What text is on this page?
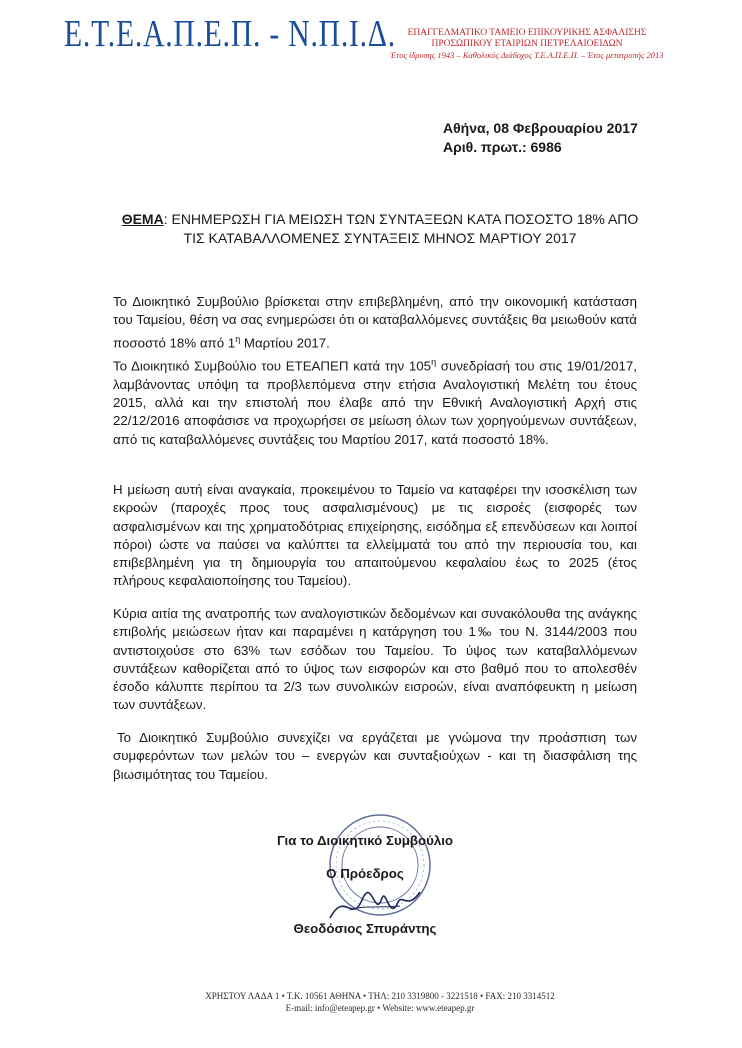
Ε.Τ.Ε.Α.Π.Ε.Π. - Ν.Π.Ι.Δ.	ΕΠΑΓΓΕΛΜΑΤΙΚΟ ΤΑΜΕΙΟ ΕΠΙΚΟΥΡΙΚΗΣ ΑΣΦΑΛΙΣΗΣ
ΠΡΟΣΩΠΙΚΟΥ ΕΤΑΙΡΙΩΝ ΠΕΤΡΕΛΑΙΟΕΙΔΩΝ
Έτος ίδρυσης 1943 – Καθολικός Διάδοχος Τ.Ε.Α.Π.Ε.Π. – Έτος μετατροπής 2013
Αθήνα, 08 Φεβρουαρίου 2017
Αριθ. πρωτ.: 6986
ΘΕΜΑ: ΕΝΗΜΕΡΩΣΗ ΓΙΑ ΜΕΙΩΣΗ ΤΩΝ ΣΥΝΤΑΞΕΩΝ ΚΑΤΑ ΠΟΣΟΣΤΟ 18% ΑΠΟ ΤΙΣ ΚΑΤΑΒΑΛΛΟΜΕΝΕΣ ΣΥΝΤΑΞΕΙΣ ΜΗΝΟΣ ΜΑΡΤΙΟΥ 2017
Το Διοικητικό Συμβούλιο βρίσκεται στην επιβεβλημένη, από την οικονομική κατάσταση του Ταμείου, θέση να σας ενημερώσει ότι οι καταβαλλόμενες συντάξεις θα μειωθούν κατά ποσοστό 18% από $1^\eta$ Μαρτίου 2017.
Το Διοικητικό Συμβούλιο του ΕΤΕΑΠΕΠ κατά την $105^\eta$ συνεδρίασή του στις 19/01/2017, λαμβάνοντας υπόψη τα προβλεπόμενα στην ετήσια Αναλογιστική Μελέτη του έτους 2015, αλλά και την επιστολή που έλαβε από την Εθνική Αναλογιστική Αρχή στις 22/12/2016 αποφάσισε να προχωρήσει σε μείωση όλων των χορηγούμενων συντάξεων, από τις καταβαλλόμενες συντάξεις του Μαρτίου 2017, κατά ποσοστό 18%.
Η μείωση αυτή είναι αναγκαία, προκειμένου το Ταμείο να καταφέρει την ισοσκέλιση των εκροών (παροχές προς τους ασφαλισμένους) με τις εισροές (εισφορές των ασφαλισμένων και της χρηματοδότριας επιχείρησης, εισόδημα εξ επενδύσεων και λοιποί πόροι) ώστε να παύσει να καλύπτει τα ελλείμματά του από την περιουσία του, και επιβεβλημένη για τη δημιουργία του απαιτούμενου κεφαλαίου έως το 2025 (έτος πλήρους κεφαλαιοποίησης του Ταμείου).
Κύρια αιτία της ανατροπής των αναλογιστικών δεδομένων και συνακόλουθα της ανάγκης επιβολής μειώσεων ήταν και παραμένει η κατάργηση του 1‰ του Ν. 3144/2003 που αντιστοιχούσε στο 63% των εσόδων του Ταμείου. Το ύψος των καταβαλλόμενων συντάξεων καθορίζεται από το ύψος των εισφορών και στο βαθμό που το απολεσθέν έσοδο κάλυπτε περίπου τα 2/3 των συνολικών εισροών, είναι αναπόφευκτη η μείωση των συντάξεων.
Το Διοικητικό Συμβούλιο συνεχίζει να εργάζεται με γνώμονα την προάσπιση των συμφερόντων των μελών του – ενεργών και συνταξιούχων - και τη διασφάλιση της βιωσιμότητας του Ταμείου.
Για το Διοικητικό Συμβούλιο
Ο Πρόεδρος
Θεοδόσιος Σπυράντης
ΧΡΗΣΤΟΥ ΛΑΔΑ 1 • Τ.Κ. 10561 ΑΘΗΝΑ • ΤΗΛ: 210 3319800 - 3221518 • FAX: 210 3314512
E-mail: info@eteapep.gr • Website: www.eteapep.gr
